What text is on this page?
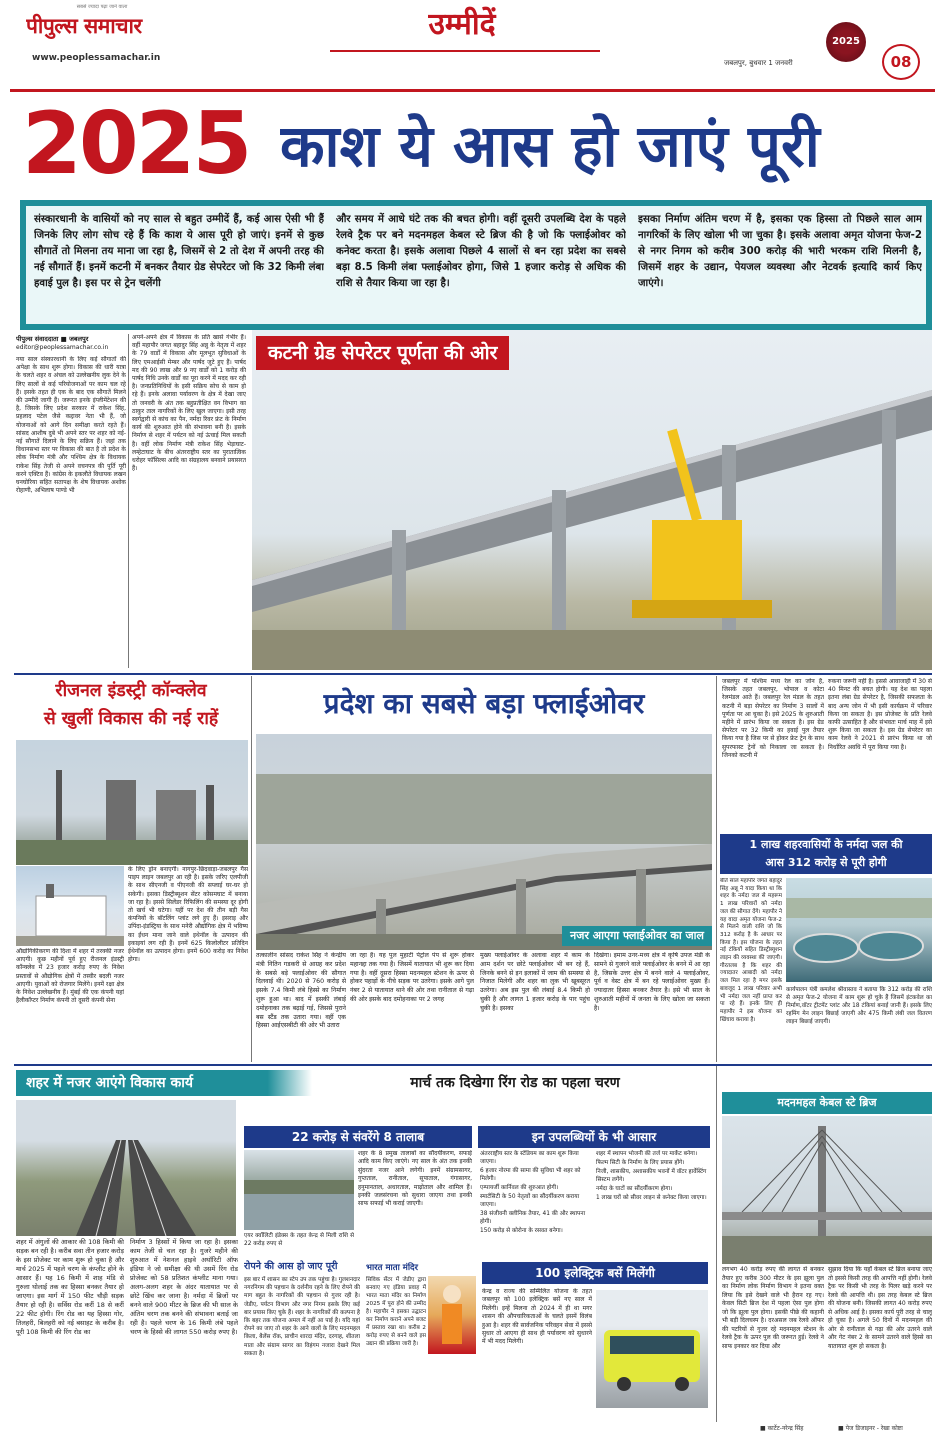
सबसे ज्यादा पढ़ा जाने वाला
पीपुल्स समाचार
www.peoplessamachar.in
उम्मीदें
जबलपुर, बुधवार 1 जनवरी
2025
08
2025 काश ये आस हो जाएं पूरी
संस्कारधानी के वासियों को नए साल से बहुत उम्मीदें हैं, कई आस ऐसी भी हैं जिनके लिए लोग सोच रहे हैं कि काश ये आस पूरी हो जाएं। इनमें से कुछ सौगातें तो मिलना तय माना जा रहा है, जिसमें से 2 तो देश में अपनी तरह की नई सौगातें हैं। इनमें कटनी में बनकर तैयार ग्रेड सेपरेटर जो कि 32 किमी लंबा हवाई पुल है। इस पर से ट्रेन चलेंगी
और समय में आधे घंटे तक की बचत होगी। वहीं दूसरी उपलब्धि देश के पहले रेलवे ट्रैक पर बने मदनमहल केबल स्टे ब्रिज की है जो कि फ्लाईओवर को कनेक्ट करता है। इसके अलावा पिछले 4 सालों से बन रहा प्रदेश का सबसे बड़ा 8.5 किमी लंबा फ्लाईओवर होगा, जिसे 1 हजार करोड़ से अधिक की राशि से तैयार किया जा रहा है।
इसका निर्माण अंतिम चरण में है, इसका एक हिस्सा तो पिछले साल आम नागरिकों के लिए खोला भी जा चुका है। इसके अलावा अमृत योजना फेज-2 से नगर निगम को करीब 300 करोड़ की भारी भरकम राशि मिलनी है, जिसमें शहर के उद्यान, पेयजल व्यवस्था और नेटवर्क इत्यादि कार्य किए जाएंगे।
पीपुल्स संवाददाता ■ जबलपुर
editor@peoplessamachar.co.in
नया साल संस्कारधानी के लिए कई सौगातों की अपेक्षा के साथ शुरू होगा। विकास की धारी यात्रा के चलते शहर व अंचल को उल्लेखनीय लुक देने के लिए सालों से कई परियोजनाओं पर काम चल रहे हैं। इसके तहत ही एक के बाद एक सौगातें मिलने की उम्मीदें जागी हैं। जरूरत इनके इंप्लीमेंटेशन की है, जिसके लिए प्रदेश सरकार में राकेश सिंह, प्रहलाद पटेल जैसे कद्दावर नेता भी हैं, जो योजनाओं को आगे दिन समीक्षा करते रहते हैं। सांसद आशीष दुबे भी अपने स्तर पर शहर को नई-नई सौगातें दिलाने के लिए सक्रिय हैं। जहां तक विधानसभा स्तर पर विकास की बात है तो प्रदेश के लोक निर्माण मंत्री और पश्चिम क्षेत्र के विधायक राकेश सिंह तेजी से अपने वचनपत्र की पूर्ति पूरी करने एक्टिव हैं। कांग्रेस के इकलौते विधायक लखन घनघोरिया सहित सतापक्ष के शेष विधायक अशोक रोहाणी, अभिलाष पाण्डे भी
अपने-अपने क्षेत्र में विकास के प्रति खासे गंभीर हैं। वहीं महापौर जगत बहादुर सिंह अन्नु के नेतृत्व में शहर के 79 वार्डों में विकास और मूलभूत सुविधाओं के लिए एमआईसी मेम्बर और पार्षद जुटे हुए हैं। पार्षद मद की 90 लाख और 9 नए वार्डों को 1 करोड़ की पार्षद निधि उनके वार्डों का पूरा करने में मदद कर रही है। जनप्रतिनिधियों के इसी सक्रिय सोच से काम हो रहे हैं। इनके अलावा पर्यावरण के क्षेत्र में देखा जाए तो जनवरी के अंत तक बहुप्रतीक्षित वन विभाग का ठाकुर ताल नागरिकों के लिए खुल जाएगा। इसी तरह स्वर्गद्वारी से कांच का पैन, नर्मदा रिवर फ्रंट के निर्माण कार्य की शुरुआत होने की संभावना बनी है। इसके निर्माण से शहर में पर्यटन को नई ऊंचाई मिल सकती है। वहीं लोक निर्माण मंत्री राकेश सिंह भेड़ाघाट-लम्हेटाघाट के बीच अंतरराष्ट्रीय स्तर का पुरातात्विक धरोहर फॉसिल्स आदि का संग्रहालय बनवाने प्रयासरत हैं।
कटनी ग्रेड सेपरेटर पूर्णता की ओर
रीजनल इंडस्ट्री कॉन्क्लेव
से खुलीं विकास की नई राहें
औद्योगिकीकरण की दिशा में शहर में तरक्की नजर आएगी। कुछ महीनों पूर्व हुए रीजनल इंडस्ट्री कॉन्क्लेव में 23 हजार करोड़ रुपए के निवेश प्रस्तावों से औद्योगिक क्षेत्रों में तस्वीर बदली नजर आएगी। युवाओं को रोजगार मिलेंगे। इनमें रक्षा क्षेत्र के निवेश उल्लेखनीय हैं। मुंबई की एक कंपनी यहां हैलीकॉप्टर निर्माण कंपनी तो दूसरी कंपनी सेना
के लिए ड्रोन बनाएगी। नागपुर-छिंदवाड़ा-जबलपुर गैस पाइप लाइन जबलपुर आ रही है। इसके जरिए एलपीजी के साथ सीएनजी व पीएनजी की सप्लाई घर-घर हो सकेगी। इसका डिस्ट्रीब्यूशन सेंटर कोसमघाट में बनाया जा रहा है। इससे सिलेंडर रिफिलिंग की समस्या दूर होगी तो खर्च भी घटेगा। यहीं पर देश की तीन बड़ी गैस कंपनियों के बॉटलिंग प्लांट लगे हुए हैं। इसराइ और उपिंदा-इंडस्ट्रिया के साथ मनेरी औद्योगिक क्षेत्र में भविष्य का ईंधन माना जाने वाले इथेनॉल के उत्पादन की इकाइयां लग रही हैं। इनमें 625 किलोलीटर प्रतिदिन ईथेनॉल का उत्पादन होगा। इनमें 600 करोड़ का निवेश होगा।
प्रदेश का सबसे बड़ा फ्लाईओवर
नजर आएगा फ्लाईओवर का जाल
तत्कालीन सांसद राकेश सिंह ने केन्द्रीय मंत्री नितिन गडकरी से आग्रह कर प्रदेश के सबसे बड़े फ्लाईओवर की सौगात दिलवाई थी। 2020 से 760 करोड़ से इसके 7.4 किमी लंबे हिस्से का निर्माण शुरू हुआ था। बाद में इसकी लंबाई दमोहनाका तक बढ़ाई गई, जिससे पुराने बस स्टैंड तक उतारा गया। वहीं एक हिस्सा आईएसबीटी की ओर भी उतारा
जा रहा है। यह पुल मुहाटी पेट्रोल पंप से शुरू होकर महानद्दा तक गया है। जिसमें यातायात भी शुरू कर दिया गया है। वहीं दूसरा हिस्सा मदनमहल स्टेशन के ऊपर से होकर पहाड़ों के नीचे सड़क पर उतरेगा। इसके आगे पुल नंबर 2 से यातायात थाने की ओर तथा रानीताल से गढ़ा की ओर इसके बाद दमोहनाका पर 2 जगह
मुख्य फ्लाईओवर के अलावा शहर में काम के आम दर्शन पर छोटे फ्लाईओवर भी बन रहे हैं, जिनके बनने से इन इलाकों में जाम की समस्या से निजात मिलेगी और शहर का लुक भी खूबसूरत उतरेगा। अब इस पुल की लंबाई 8.4 किमी हो चुकी है और लागत 1 हजार करोड़ के पार पहुंच चुकी है। इसका
दिखेगा। इमाम उनर-मध्य क्षेत्र में कृषि उपज मंडी के सामने से गुजरने वाले फ्लाईओवर के बनने में आ रहा है, जिसके उत्तर क्षेत्र में बनने वाले 4 फ्लाईओवर, पूर्व व वेस्ट क्षेत्र में बन रहे फ्लाईओवर मुख्य हैं। ज्यादातर हिस्सा बनकर तैयार है। इसे भी साल के शुरुआती महीनों में जनता के लिए खोला जा सकता है।
जबलपुर में पश्चिम मध्य रेल का जोन है, जिसके तहत जबलपुर, भोपाल व कोटा रेलमंडल आते हैं। जबलपुर रेल मंडल के तहत कटनी में बड़ा सेपरेटर का निर्माण 3 सालों में पूर्णता पर आ चुका है। इसे 2025 के शुरुआती महीने में प्रारंभ किया जा सकता है। इस ग्रेड सेपरेटर पर 32 किमी का हवाई पुल तैयार किया गया है जिस पर से होकर फ्रेट ट्रेन के साथ सुपरफास्ट ट्रेनों को निकाला जा सकता है। जिनको कटनी में
रुकना जरूरी नहीं है। इससे आवाजाही में 30 से 40 मिनट की बचत होगी। यह देश का पहला इतना लंबा ग्रेड सेपरेटर है, जिसकी सफलता के बाद अन्य जोन में भी इसी कार्यक्रम में परिवार किया जा सकता है। इस प्रोजेक्ट के प्रति रेलवे काफी उत्साहित है और संभवतः मार्च माह में इसे शुरू किया जा सकता है। इस ग्रेड सेपरेटर का काम रेलवे ने 2021 से प्रारंभ किया था जो निर्धारित अवधि में पूरा किया गया है।
1 लाख शहरवासियों के नर्मदा जल की
आस 312 करोड़ से पूरी होगी
बीते साल महापौर जगत बहादुर सिंह अन्नू ने यादा किया था कि शहर के नर्मदा जल से महरूम 1 लाख परिवारों को नर्मदा जल की सौगात देंगे। महापौर ने यह वादा अमृत योजना फेज-2 से मिलने वाली राशि जो कि 312 करोड़ है के आधार पर किया है। इस योजना के तहत नई टंकियों सहित डिस्ट्रीब्यूशन लाइन की व्यवस्था की जाएगी। गौरतलब है कि शहर की ज्यादातर आबादी को नर्मदा जल मिल रहा है मगर इसके बावजूद 1 लाख परिवार अभी भी नर्मदा जल नहीं प्राप्त कर पा रहे हैं। इनके लिए ही महापौर ने इस योजना का खिंचाव कराया है।
कार्यपालन यंत्री कमलेश श्रीवास्तव ने बताया कि 312 करोड़ की राशि से अमृत फेज-2 योजना में काम शुरू हो चुके हैं जिसमें इंटकवेल का निर्माण,वॉटर ट्रीटमेंट प्लांट और 18 टंकियां बनाई जानी हैं। इसके लिए रहमिंग मेन लाइन बिछाई जाएगी और 475 किमी लंबी जल वितरण लाइन बिछाई जाएगी।
शहर में नजर आएंगे विकास कार्य	मार्च तक दिखेगा रिंग रोड का पहला चरण
शहर में अंगुलों की आकार की 108 किमी की सड़क बन रही है। करीब सवा तीन हजार करोड़ के इस प्रोजेक्ट पर काम शुरू हो चुका है और मार्च 2025 में पहले चरण के कंप्लीट होने के आसार हैं। यह 16 किमी में शाह मंडि से गुरुला घोलाई तक का हिस्सा बनकर तैयार हो जाएगा। इस मार्ग में 150 फीट चौड़ी सड़क तैयार हो रही है। सर्विस रोड करीं 18 से करीं 22 फीट होगी। रिंग रोड का यह हिस्सा गोर, तिलहरी, बिलहरी को नई बसाहट के करीब है। पूरी 108 किमी की रिंग रोड का
निर्माण 3 हिस्सों में किया जा रहा है। इसका काम तेजी से चल रहा है। गुजरे महीने की शुरुआत में नेशनल हाइवे अथॉरिटी ऑफ इंडिया ने जो समीक्षा की थी उसमें रिंग रोड प्रोजेक्ट को 58 प्रतिशत कंप्लीट माना गया। अलग-अलग शहर के अंदर यातायात पर से छोटे खिंच कर जाना है। नर्मदा में ब्रिजों पर बनने वाले 900 मीटर के ब्रिज की भी साल के अंतिम चरण तक बनने की संभावना बताई जा रही है। पहले चरण के 16 किमी लंबे पहले चरण के हिस्से की लागत 550 करोड़ रुपए है।
22 करोड़ से संवरेंगे 8 तालाब
एयर क्वॉलिटी इंडेक्स के तहत केन्द्र से मिली राशि से 22 करोड़ रुपए से
शहर के 8 प्रमुख तालाबों का सौंदर्यीकरण, सफाई आदि काम किए जाएंगे। नए साल के अंत तक इनकी सुंदरता नजर आने लगेगी। इनमें संग्रामसागर, गुप्तताल, रानीताल, सूपाताल, गंगासागर, हनुमानताल, अधारताल, माढ़ोताल और शामिल हैं। इनकी जलसंरचना को सुधारा जाएगा तथा इनकी साफ सफाई भी कराई जाएगी।
इन उपलब्धियों के भी आसार
अंतरराष्ट्रीय स्तर के स्टेडियम का काम शुरू किया जाएगा।
6 हजार नोरमा की सामा की सुविधा भी शहर को मिलेगी।
एम्पायर्जी कार्निवल की शुरुआत होगी।
स्मार्टसिटी के 50 नेतृत्वों का सौंदर्यीकरण कराया जाएगा।
38 संजीवनी क्लीनिक तैयार, 41 की और स्थापना होगी।
150 करोड़ से कोरोना के रसवत बनेगा।
शहर में स्थापन भोजनी की तर्ज पर मार्केट बनेगा।
फिल्म सिटी के निर्माण के लिए प्रयास होंगे।
निजी, शासकीय, अशासकीय भवनों में वॉटर हार्वेस्टिंग सिस्टम लगेंगे।
नर्मदा के घाटों का सौंदर्यीकरण होगा।
1 लाख घरों को सीवर लाइन से कनेक्ट किया जाएगा।
रोपने की आस हो जाए पूरी
इस बार में शासन का स्टेप उप तक पहुंचा है। गुलशनदार नगरनिगम की पहचान के दर्शनीय रहने के लिए रोपने की माग बहुत के नागरिकों की पहचान से गुजर रही है। जेडीए, पर्यटन विभाग और नगर निगम इसके लिए कई बार प्रयास किए चुके हैं। शहर के नागरिकों की कल्पना है कि बहर तक योजना अमल में नहीं आ पाई है। यदि यहां रोपने का जाए तो शहर के आने वालों के लिए मदनमहल किला, बैलेंस रॉक, प्राचीन शारदा मंदिर, दरगाह, शीतला माता और संग्राम सागर का विहंगम नजारा देखने मिल सकता है।
भारत माता मंदिर
सिविक सेंटर में जेडीए द्वारा बनवाए गए इंडिया प्रवाह में भारत माता मंदिर का निर्माण 2025 में पूरा होने की उम्मीद है। महापौर ने इसका उद्घाटन कर निर्माण कराने अपने बजट में प्रस्ताव रखा था। करीब 2 करोड़ रुपए से बनने वाले इस उद्यान की प्रक्रिया जारी है।
100 इलेक्ट्रिक बसें मिलेंगी
केन्द्र व राज्य की सम्मिलित योजना के तहत जबलपुर को 100 इलेक्ट्रिक बसें नए साल में मिलेंगी। इन्हें मिलना तो 2024 में ही था मगर शासन की औपचारिकताओं के चलते इसमें विलंब हुआ है। शहर की सार्वजनिक परिवहन सेवा में इससे सुधार तो आएगा ही साथ ही पर्यावरण को सुधारने में भी मदद मिलेगी।
मदनमहल केबल स्टे ब्रिज
लगभग 40 करोड़ रुपए की लागत से बनकर तैयार हुए करीब 300 मीटर के इस झूला पुल का निर्माण लोक निर्माण विभाग ने इतना वक्त लिया कि इसे देखने वाले भी हैरान रह गए। केवल सिटी ब्रिज देश में पहला ऐसा पुल होगा जो कि झूला पुल होगा। इसकी पीछे की कहानी भी बड़ी दिलचस्प है। दरअसल जब रेलवे ऑफर की पटरियों से गुजर रहे मदनमहल स्टेशन के रेलवे ट्रैक के ऊपर पुल की जरूरत हुई। रेलवे ने साफ इनकार कर दिया और
सुझाव दिया कि यहाँ केबल स्टे ब्रिज बनाया जाए तो इससे किसी तरह की आपत्ति नहीं होगी। रेलवे ट्रैक पर किसी भी तरह के पिलर खड़े करने पर रेलवे की आपत्ति थी। इस तरह केबल स्टे ब्रिज की योजना बनी। जिसकी लागत 40 करोड़ रुपए से अधिक आई है। इसका कार्य पूरी तरह से चालू हो चुका है। अगले 50 दिनों में मदनमहल की ओर से रानीताल से गढ़ा की ओर उतरने वाले और गेट नंबर 2 के सामने उतरने वाले हिस्से का यातायात शुरू हो सकता है।
■ कार्टेट-नरेन्द्र सिंह	■ पेज डिजाइनर - रेखा कोष्टा
